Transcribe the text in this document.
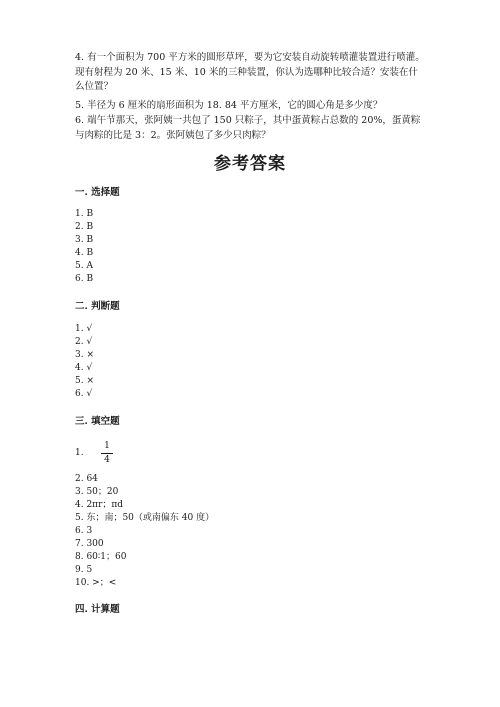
4. 有一个面积为 700 平方米的圆形草坪，要为它安装自动旋转喷灌装置进行喷灌。现有射程为 20 米、15 米、10 米的三种装置，你认为选哪种比较合适？安装在什么位置？

5. 半径为 6 厘米的扇形面积为 18. 84 平方厘米，它的圆心角是多少度？

6. 端午节那天，张阿姨一共包了 150 只粽子，其中蛋黄粽占总数的 20%，蛋黄粽与肉粽的比是 3：2。张阿姨包了多少只肉粽？

参考答案

一. 选择题

1. B
2. B
3. B
4. B
5. A
6. B

二. 判断题

1. √
2. √
3. ×
4. √
5. ×
6. √

三. 填空题

1.
1
4
2. 64
3. 50；20
4. 2πr；πd
5. 东；南；50（或南偏东 40 度）
6. 3
7. 300
8. 60∶1；60
9. 5
10. >；<

四. 计算题
